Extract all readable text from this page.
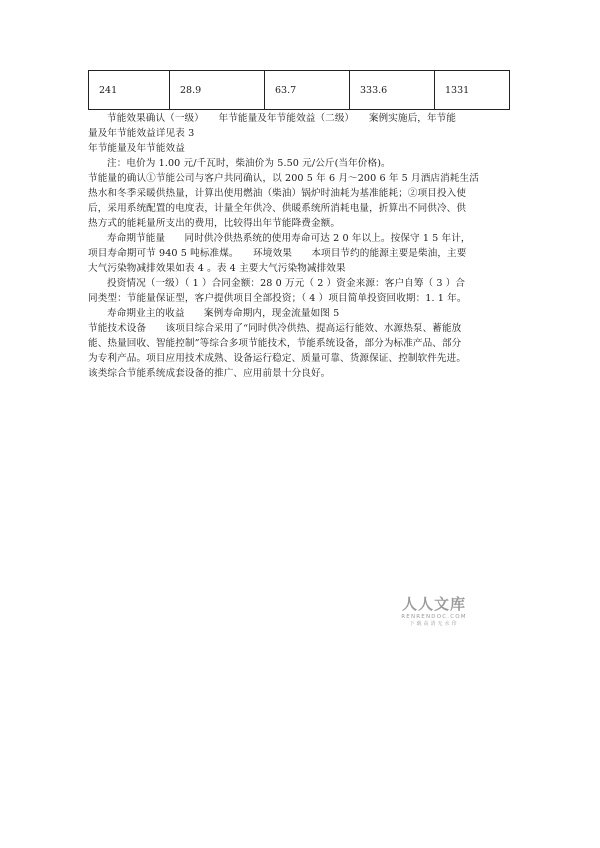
241	28.9	63.7	333.6	1331

节能效果确认（一级）　　年节能量及年节能效益（二级）　　案例实施后，年节能

量及年节能效益详见表 3

年节能量及年节能效益

注：电价为 1.00 元/千瓦时，柴油价为 5.50 元/公斤(当年价格)。

节能量的确认①节能公司与客户共同确认，以 200 5 年 6 月～200 6 年 5 月酒店消耗生活

热水和冬季采暖供热量，计算出使用燃油（柴油）锅炉时油耗为基准能耗；②项目投入使

后，采用系统配置的电度表，计量全年供冷、供暖系统所消耗电量，折算出不同供冷、供

热方式的能耗量所支出的费用，比较得出年节能降费金额。

寿命期节能量　　同时供冷供热系统的使用寿命可达 2 0 年以上。按保守 1 5 年计，

项目寿命期可节 940 5 吨标准煤。　　环境效果　　本项目节约的能源主要是柴油，主要

大气污染物减排效果如表 4 。表 4 主要大气污染物减排效果

投资情况（一级）（ 1 ）合同金额：28 0 万元（ 2 ）资金来源：客户自筹（ 3 ）合

同类型：节能量保证型，客户提供项目全部投资；（ 4 ）项目简单投资回收期：1. 1 年。

寿命期业主的收益　　案例寿命期内，现金流量如图 5

节能技术设备　　该项目综合采用了“同时供冷供热、提高运行能效、水源热泵、蓄能放

能、热量回收、智能控制”等综合多项节能技术，节能系统设备，部分为标准产品、部分

为专利产品。项目应用技术成熟、设备运行稳定、质量可靠、货源保证、控制软件先进。

该类综合节能系统成套设备的推广、应用前景十分良好。

人人文库
RENRENDOC.COM
下载高清无水印
